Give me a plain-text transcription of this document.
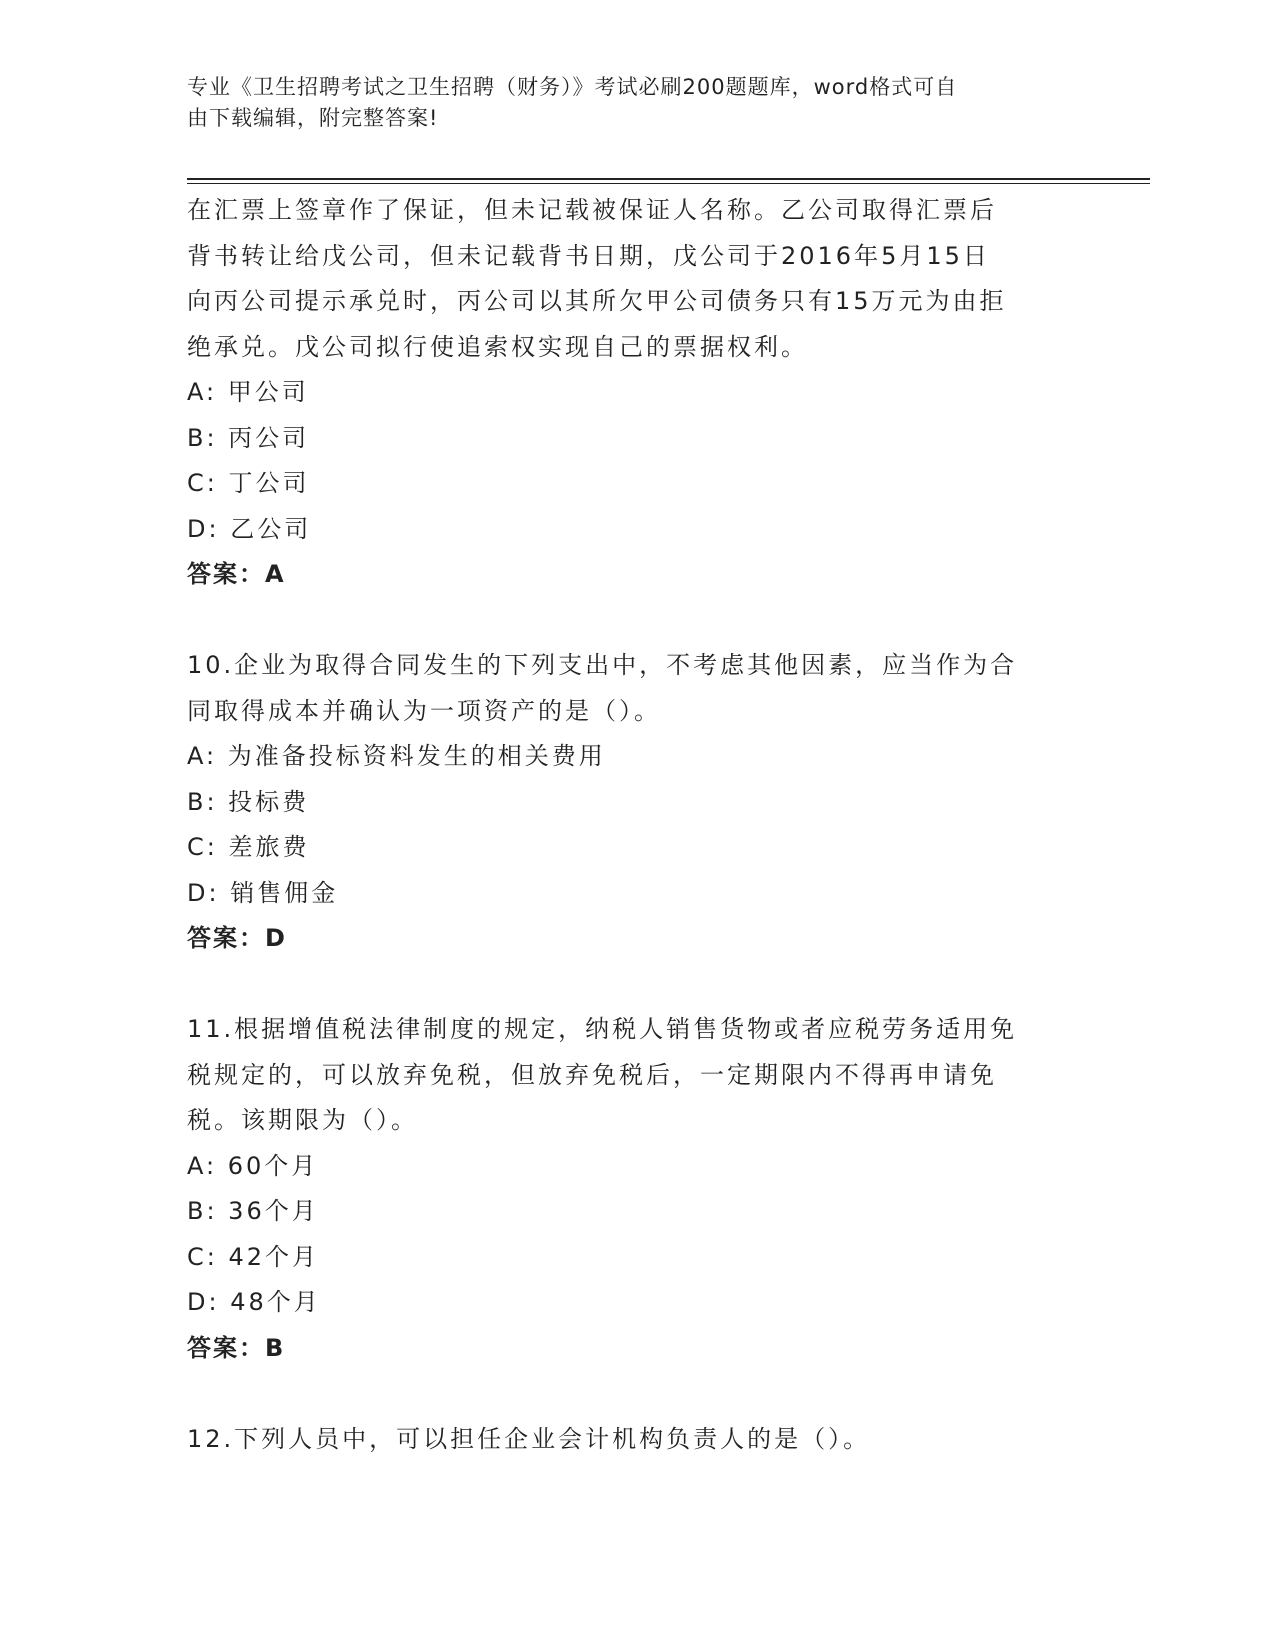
专业《卫生招聘考试之卫生招聘（财务）》考试必刷200题题库，word格式可自
由下载编辑，附完整答案!

在汇票上签章作了保证，但未记载被保证人名称。乙公司取得汇票后

背书转让给戊公司，但未记载背书日期，戊公司于2016年5月15日

向丙公司提示承兑时，丙公司以其所欠甲公司债务只有15万元为由拒

绝承兑。戊公司拟行使追索权实现自己的票据权利。

A: 甲公司

B: 丙公司

C: 丁公司

D: 乙公司

答案：A

10.企业为取得合同发生的下列支出中，不考虑其他因素，应当作为合

同取得成本并确认为一项资产的是（）。

A: 为准备投标资料发生的相关费用

B: 投标费

C: 差旅费

D: 销售佣金

答案：D

11.根据增值税法律制度的规定，纳税人销售货物或者应税劳务适用免

税规定的，可以放弃免税，但放弃免税后，一定期限内不得再申请免

税。该期限为（）。

A: 60个月

B: 36个月

C: 42个月

D: 48个月

答案：B

12.下列人员中，可以担任企业会计机构负责人的是（）。
